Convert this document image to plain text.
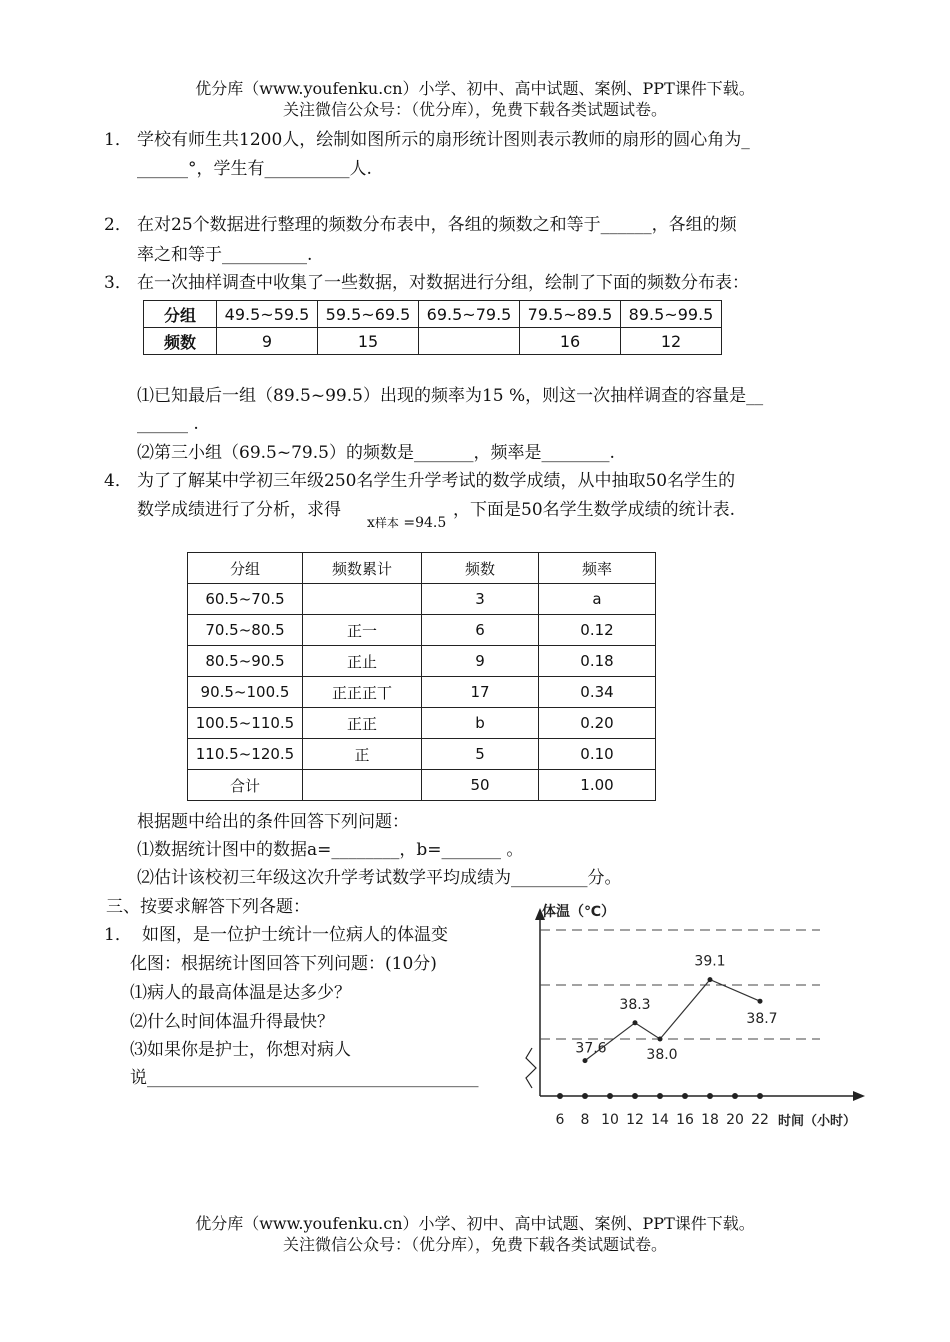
优分库（www.youfenku.cn）小学、初中、高中试题、案例、PPT课件下载。
关注微信公众号：（优分库），免费下载各类试题试卷。
1． 学校有师生共1200人，绘制如图所示的扇形统计图则表示教师的扇形的圆心角为_
______°，学生有__________人.
2． 在对25个数据进行整理的频数分布表中，各组的频数之和等于______，各组的频
率之和等于__________.
3． 在一次抽样调查中收集了一些数据，对数据进行分组，绘制了下面的频数分布表：
分组	49.5~59.5	59.5~69.5	69.5~79.5	79.5~89.5	89.5~99.5
频数	9	15		16	12
⑴已知最后一组（89.5~99.5）出现的频率为15 %，则这一次抽样调查的容量是__
______ .
⑵第三小组（69.5~79.5）的频数是_______，频率是________.
4． 为了了解某中学初三年级250名学生升学考试的数学成绩，从中抽取50名学生的
数学成绩进行了分析，求得	，下面是50名学生数学成绩的统计表.
x样本 =94.5
分组	频数累计	频数	频率
60.5~70.5		3	a
70.5~80.5	正一	6	0.12
80.5~90.5	正止	9	0.18
90.5~100.5	正正正丅	17	0.34
100.5~110.5	正正	b	0.20
110.5~120.5	正	5	0.10
合计		50	1.00
根据题中给出的条件回答下列问题：
⑴数据统计图中的数据a=________，b=_______ 。
⑵估计该校初三年级这次升学考试数学平均成绩为_________分。
三、按要求解答下列各题：
1． 如图，是一位护士统计一位病人的体温变
化图：根据统计图回答下列问题：(10分)
⑴病人的最高体温是达多少？
⑵什么时间体温升得最快？
⑶如果你是护士，你想对病人
说_______________________________________
体温（℃）
时间（小时）
6 8 10 12 14 16 18 20 22
37.6
38.3
38.0
39.1
38.7
优分库（www.youfenku.cn）小学、初中、高中试题、案例、PPT课件下载。
关注微信公众号：（优分库），免费下载各类试题试卷。
